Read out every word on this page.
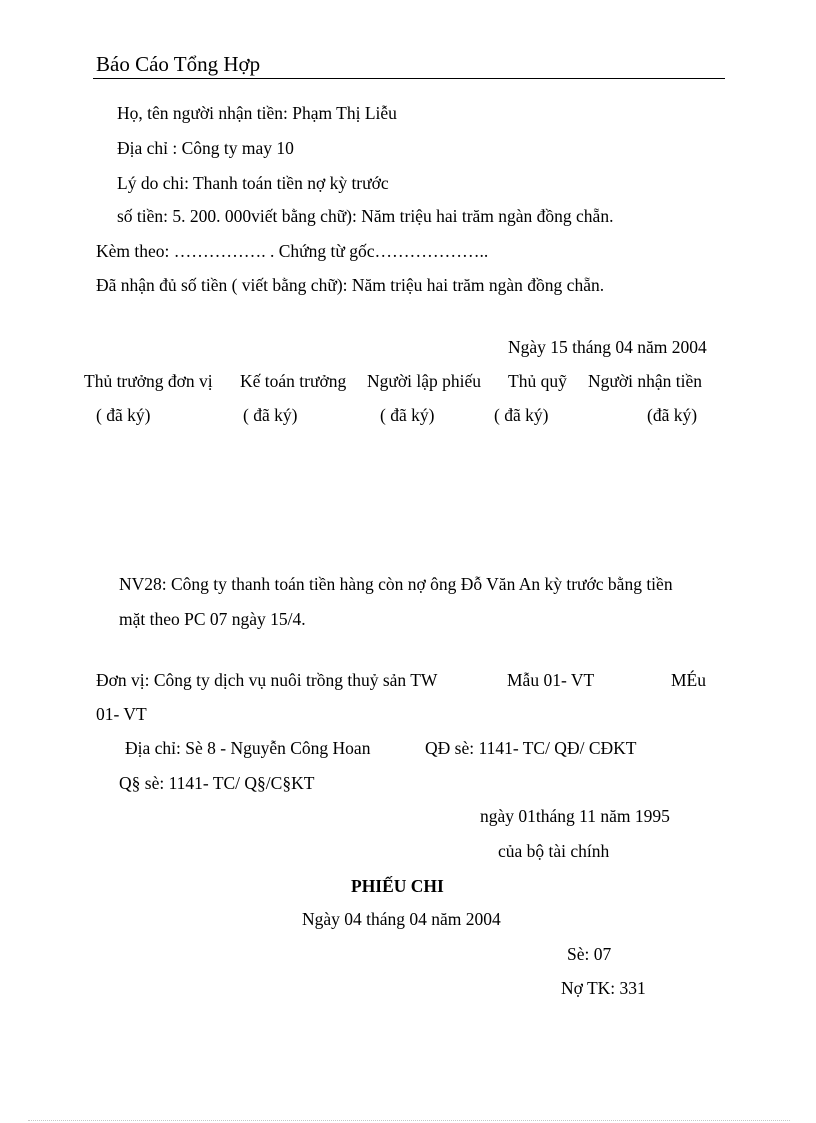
Báo Cáo Tổng Hợp
Họ, tên người nhận tiền: Phạm Thị Liễu
Địa chỉ : Công ty may 10
Lý do chi: Thanh toán tiền nợ kỳ trước
số tiền: 5. 200. 000viết bằng chữ): Năm triệu hai trăm ngàn đồng chẵn.
Kèm theo: ……………. . Chứng từ gốc………………..
Đã nhận đủ số tiền ( viết bằng chữ): Năm triệu hai trăm ngàn đồng chẵn.
Ngày 15 tháng 04 năm 2004
Thủ trưởng đơn vị Kế toán trưởng Người lập phiếu Thủ quỹ Người nhận tiền
( đã ký)	( đã ký)	( đã ký)	( đã ký)	(đã ký)
NV28: Công ty thanh toán tiền hàng còn nợ ông Đỗ Văn An kỳ trước bằng tiền
mặt theo PC 07 ngày 15/4.
Đơn vị: Công ty dịch vụ nuôi trồng thuỷ sản TW	Mẫu 01- VT	MÉu
01- VT
Địa chỉ: Sè 8 - Nguyễn Công Hoan	QĐ sè: 1141- TC/ QĐ/ CĐKT
Q§ sè: 1141- TC/ Q§/C§KT
ngày 01tháng 11 năm 1995
của bộ tài chính
PHIẾU CHI
Ngày 04 tháng 04 năm 2004
Sè: 07
Nợ TK: 331
